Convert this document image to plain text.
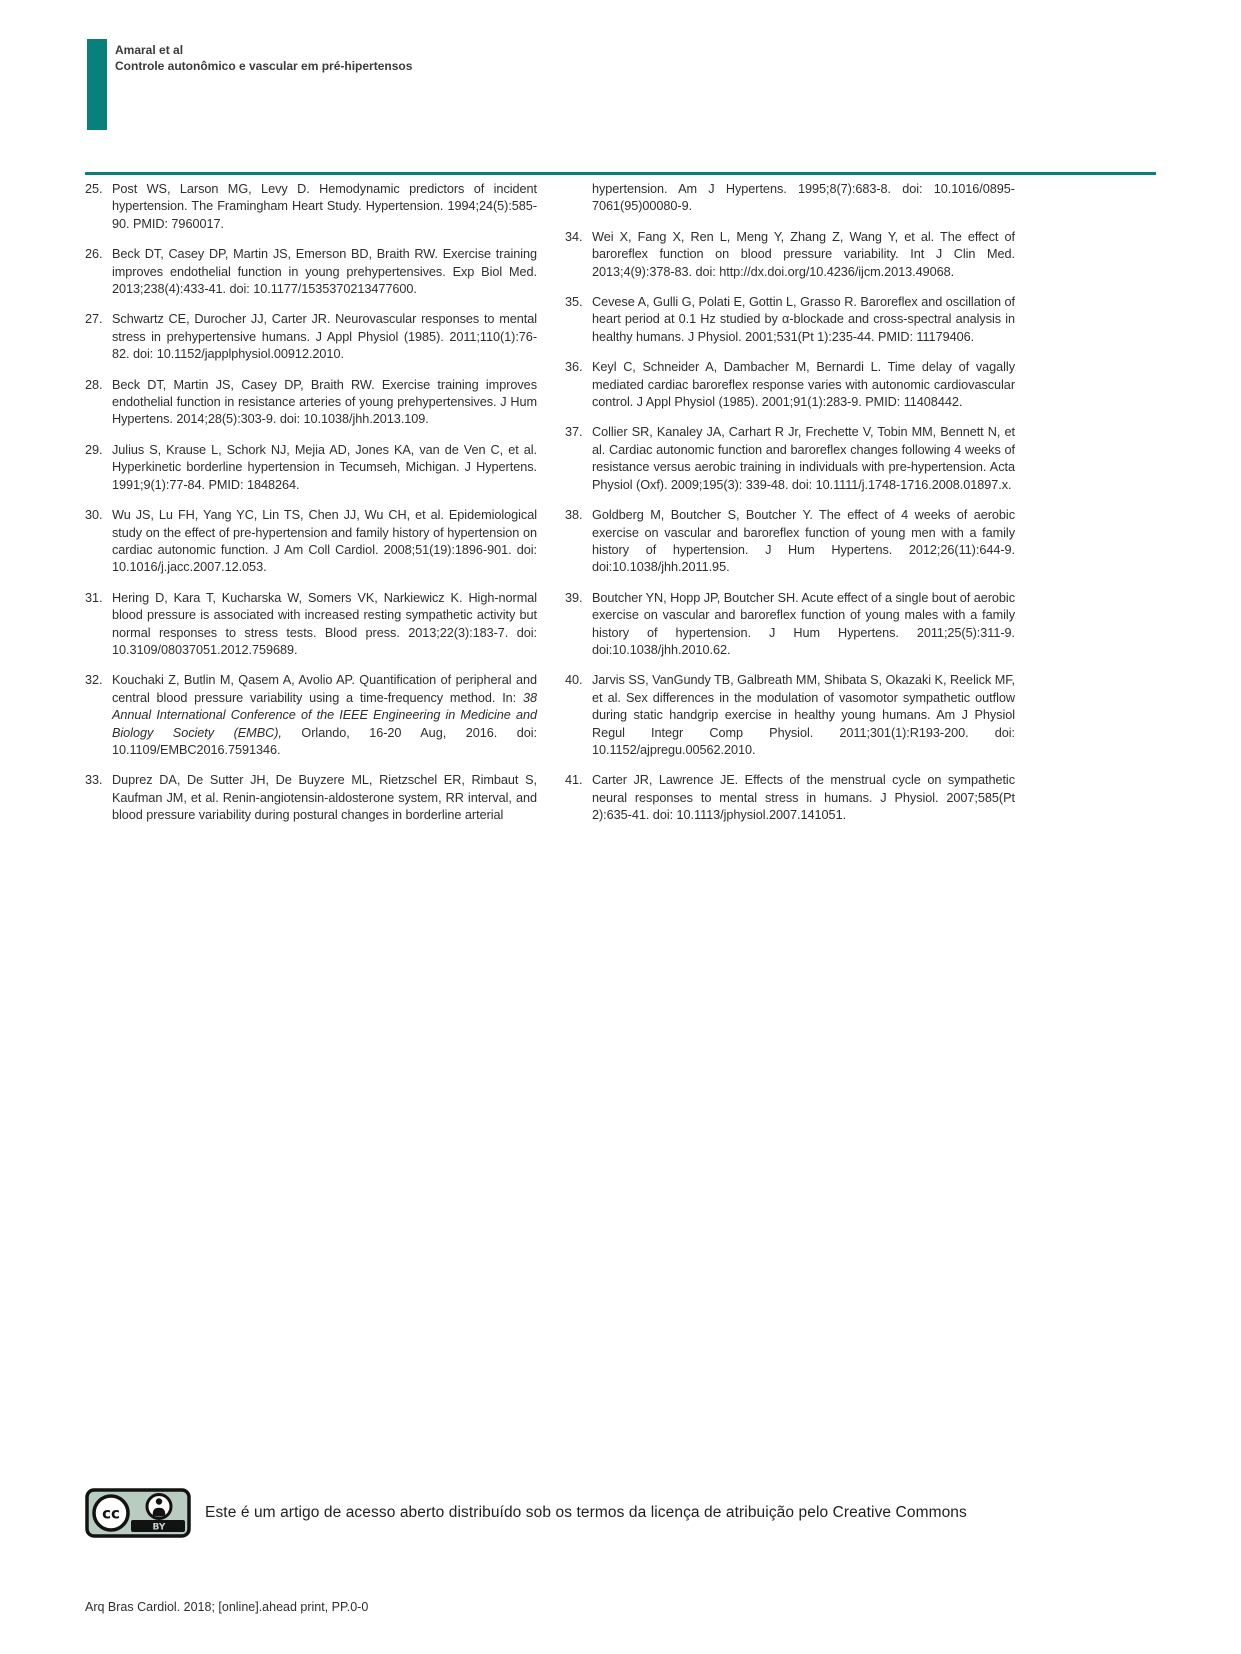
Amaral et al
Controle autonômico e vascular em pré-hipertensos
25. Post WS, Larson MG, Levy D. Hemodynamic predictors of incident hypertension. The Framingham Heart Study. Hypertension. 1994;24(5):585-90. PMID: 7960017.
26. Beck DT, Casey DP, Martin JS, Emerson BD, Braith RW. Exercise training improves endothelial function in young prehypertensives. Exp Biol Med. 2013;238(4):433-41. doi: 10.1177/1535370213477600.
27. Schwartz CE, Durocher JJ, Carter JR. Neurovascular responses to mental stress in prehypertensive humans. J Appl Physiol (1985). 2011;110(1):76-82. doi: 10.1152/japplphysiol.00912.2010.
28. Beck DT, Martin JS, Casey DP, Braith RW. Exercise training improves endothelial function in resistance arteries of young prehypertensives. J Hum Hypertens. 2014;28(5):303-9. doi: 10.1038/jhh.2013.109.
29. Julius S, Krause L, Schork NJ, Mejia AD, Jones KA, van de Ven C, et al. Hyperkinetic borderline hypertension in Tecumseh, Michigan. J Hypertens. 1991;9(1):77-84. PMID: 1848264.
30. Wu JS, Lu FH, Yang YC, Lin TS, Chen JJ, Wu CH, et al. Epidemiological study on the effect of pre-hypertension and family history of hypertension on cardiac autonomic function. J Am Coll Cardiol. 2008;51(19):1896-901. doi: 10.1016/j.jacc.2007.12.053.
31. Hering D, Kara T, Kucharska W, Somers VK, Narkiewicz K. High-normal blood pressure is associated with increased resting sympathetic activity but normal responses to stress tests. Blood press. 2013;22(3):183-7. doi: 10.3109/08037051.2012.759689.
32. Kouchaki Z, Butlin M, Qasem A, Avolio AP. Quantification of peripheral and central blood pressure variability using a time-frequency method. In: 38 Annual International Conference of the IEEE Engineering in Medicine and Biology Society (EMBC), Orlando, 16-20 Aug, 2016. doi: 10.1109/EMBC2016.7591346.
33. Duprez DA, De Sutter JH, De Buyzere ML, Rietzschel ER, Rimbaut S, Kaufman JM, et al. Renin-angiotensin-aldosterone system, RR interval, and blood pressure variability during postural changes in borderline arterial
hypertension. Am J Hypertens. 1995;8(7):683-8. doi: 10.1016/0895-7061(95)00080-9.
34. Wei X, Fang X, Ren L, Meng Y, Zhang Z, Wang Y, et al. The effect of baroreflex function on blood pressure variability. Int J Clin Med. 2013;4(9):378-83. doi: http://dx.doi.org/10.4236/ijcm.2013.49068.
35. Cevese A, Gulli G, Polati E, Gottin L, Grasso R. Baroreflex and oscillation of heart period at 0.1 Hz studied by α-blockade and cross-spectral analysis in healthy humans. J Physiol. 2001;531(Pt 1):235-44. PMID: 11179406.
36. Keyl C, Schneider A, Dambacher M, Bernardi L. Time delay of vagally mediated cardiac baroreflex response varies with autonomic cardiovascular control. J Appl Physiol (1985). 2001;91(1):283-9. PMID: 11408442.
37. Collier SR, Kanaley JA, Carhart R Jr, Frechette V, Tobin MM, Bennett N, et al. Cardiac autonomic function and baroreflex changes following 4 weeks of resistance versus aerobic training in individuals with pre-hypertension. Acta Physiol (Oxf). 2009;195(3): 339-48. doi: 10.1111/j.1748-1716.2008.01897.x.
38. Goldberg M, Boutcher S, Boutcher Y. The effect of 4 weeks of aerobic exercise on vascular and baroreflex function of young men with a family history of hypertension. J Hum Hypertens. 2012;26(11):644-9. doi:10.1038/jhh.2011.95.
39. Boutcher YN, Hopp JP, Boutcher SH. Acute effect of a single bout of aerobic exercise on vascular and baroreflex function of young males with a family history of hypertension. J Hum Hypertens. 2011;25(5):311-9. doi:10.1038/jhh.2010.62.
40. Jarvis SS, VanGundy TB, Galbreath MM, Shibata S, Okazaki K, Reelick MF, et al. Sex differences in the modulation of vasomotor sympathetic outflow during static handgrip exercise in healthy young humans. Am J Physiol Regul Integr Comp Physiol. 2011;301(1):R193-200. doi: 10.1152/ajpregu.00562.2010.
41. Carter JR, Lawrence JE. Effects of the menstrual cycle on sympathetic neural responses to mental stress in humans. J Physiol. 2007;585(Pt 2):635-41. doi: 10.1113/jphysiol.2007.141051.
BY
cc	Este é um artigo de acesso aberto distribuído sob os termos da licença de atribuição pelo Creative Commons
Arq Bras Cardiol. 2018; [online].ahead print, PP.0-0
